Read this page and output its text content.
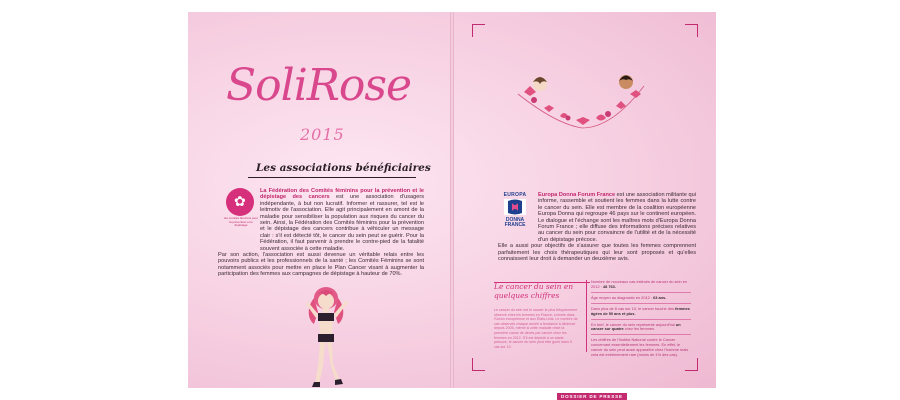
SoliRose
2015
Les associations bénéficiaires
La Fédération des Comités féminins pour la prévention et le dépistage des cancers est une association d'usagers indépendante, à but non lucratif. Informer et rassurer, tel est le leitmotiv de l'association. Elle agit principalement en amont de la maladie pour sensibiliser la population aux risques du cancer du sein. Ainsi, la Fédération des Comités féminins pour la prévention et le dépistage des cancers contribue à véhiculer un message clair : s'il est détecté tôt, le cancer du sein peut se guérir. Pour la Fédération, il faut parvenir à prendre le contre-pied de la fatalité souvent associée à cette maladie.
Par son action, l'association est aussi devenue un véritable relais entre les pouvoirs publics et les professionnels de la santé ; les Comités Féminins se sont notamment associés pour mettre en place le Plan Cancer visant à augmenter la participation des femmes aux campagnes de dépistage à hauteur de 70%.
✿
les comités féminins pour la prévention et le dépistage
Europa Donna Forum France est une association militante qui informe, rassemble et soutient les femmes dans la lutte contre le cancer du sein. Elle est membre de la coalition européenne Europa Donna qui regroupe 46 pays sur le continent européen. Le dialogue et l'échange sont les maîtres mots d'Europa Donna Forum France ; elle diffuse des informations précises relatives au cancer du sein pour convaincre de l'utilité et de la nécessité d'un dépistage précoce.
Elle a aussi pour objectifs de s'assurer que toutes les femmes comprennent parfaitement les choix thérapeutiques qui leur sont proposés et qu'elles connaissent leur droit à demander un deuxième avis.
EUROPA
DONNA FRANCE
Le cancer du sein en quelques chiffres
Le cancer du sein est le cancer le plus fréquemment observé chez les femmes en France, comme dans l'Union européenne et aux États-Unis. Le nombre de cas observés chaque année a tendance à diminuer depuis 2005, même si cette maladie reste la première cause de décès par cancer chez les femmes en 2012. S'il est dépisté à un stade précoce, le cancer du sein peut être guéri dans 9 cas sur 10.

Nombre de nouveaux cas estimés de cancer du sein en 2012 : 48 763.

Âge moyen au diagnostic en 2012 : 63 ans.

Dans plus de 8 cas sur 10, le cancer touche des femmes âgées de 50 ans et plus.

En bref, le cancer du sein représente aujourd'hui un cancer sur quatre chez les femmes.

Les chiffres de l'Institut National contre le Cancer concernant essentiellement les femmes. En effet, le cancer du sein peut aussi apparaître chez l'homme mais cela est extrêmement rare (moins de 1% des cas).

DOSSIER DE PRESSE
